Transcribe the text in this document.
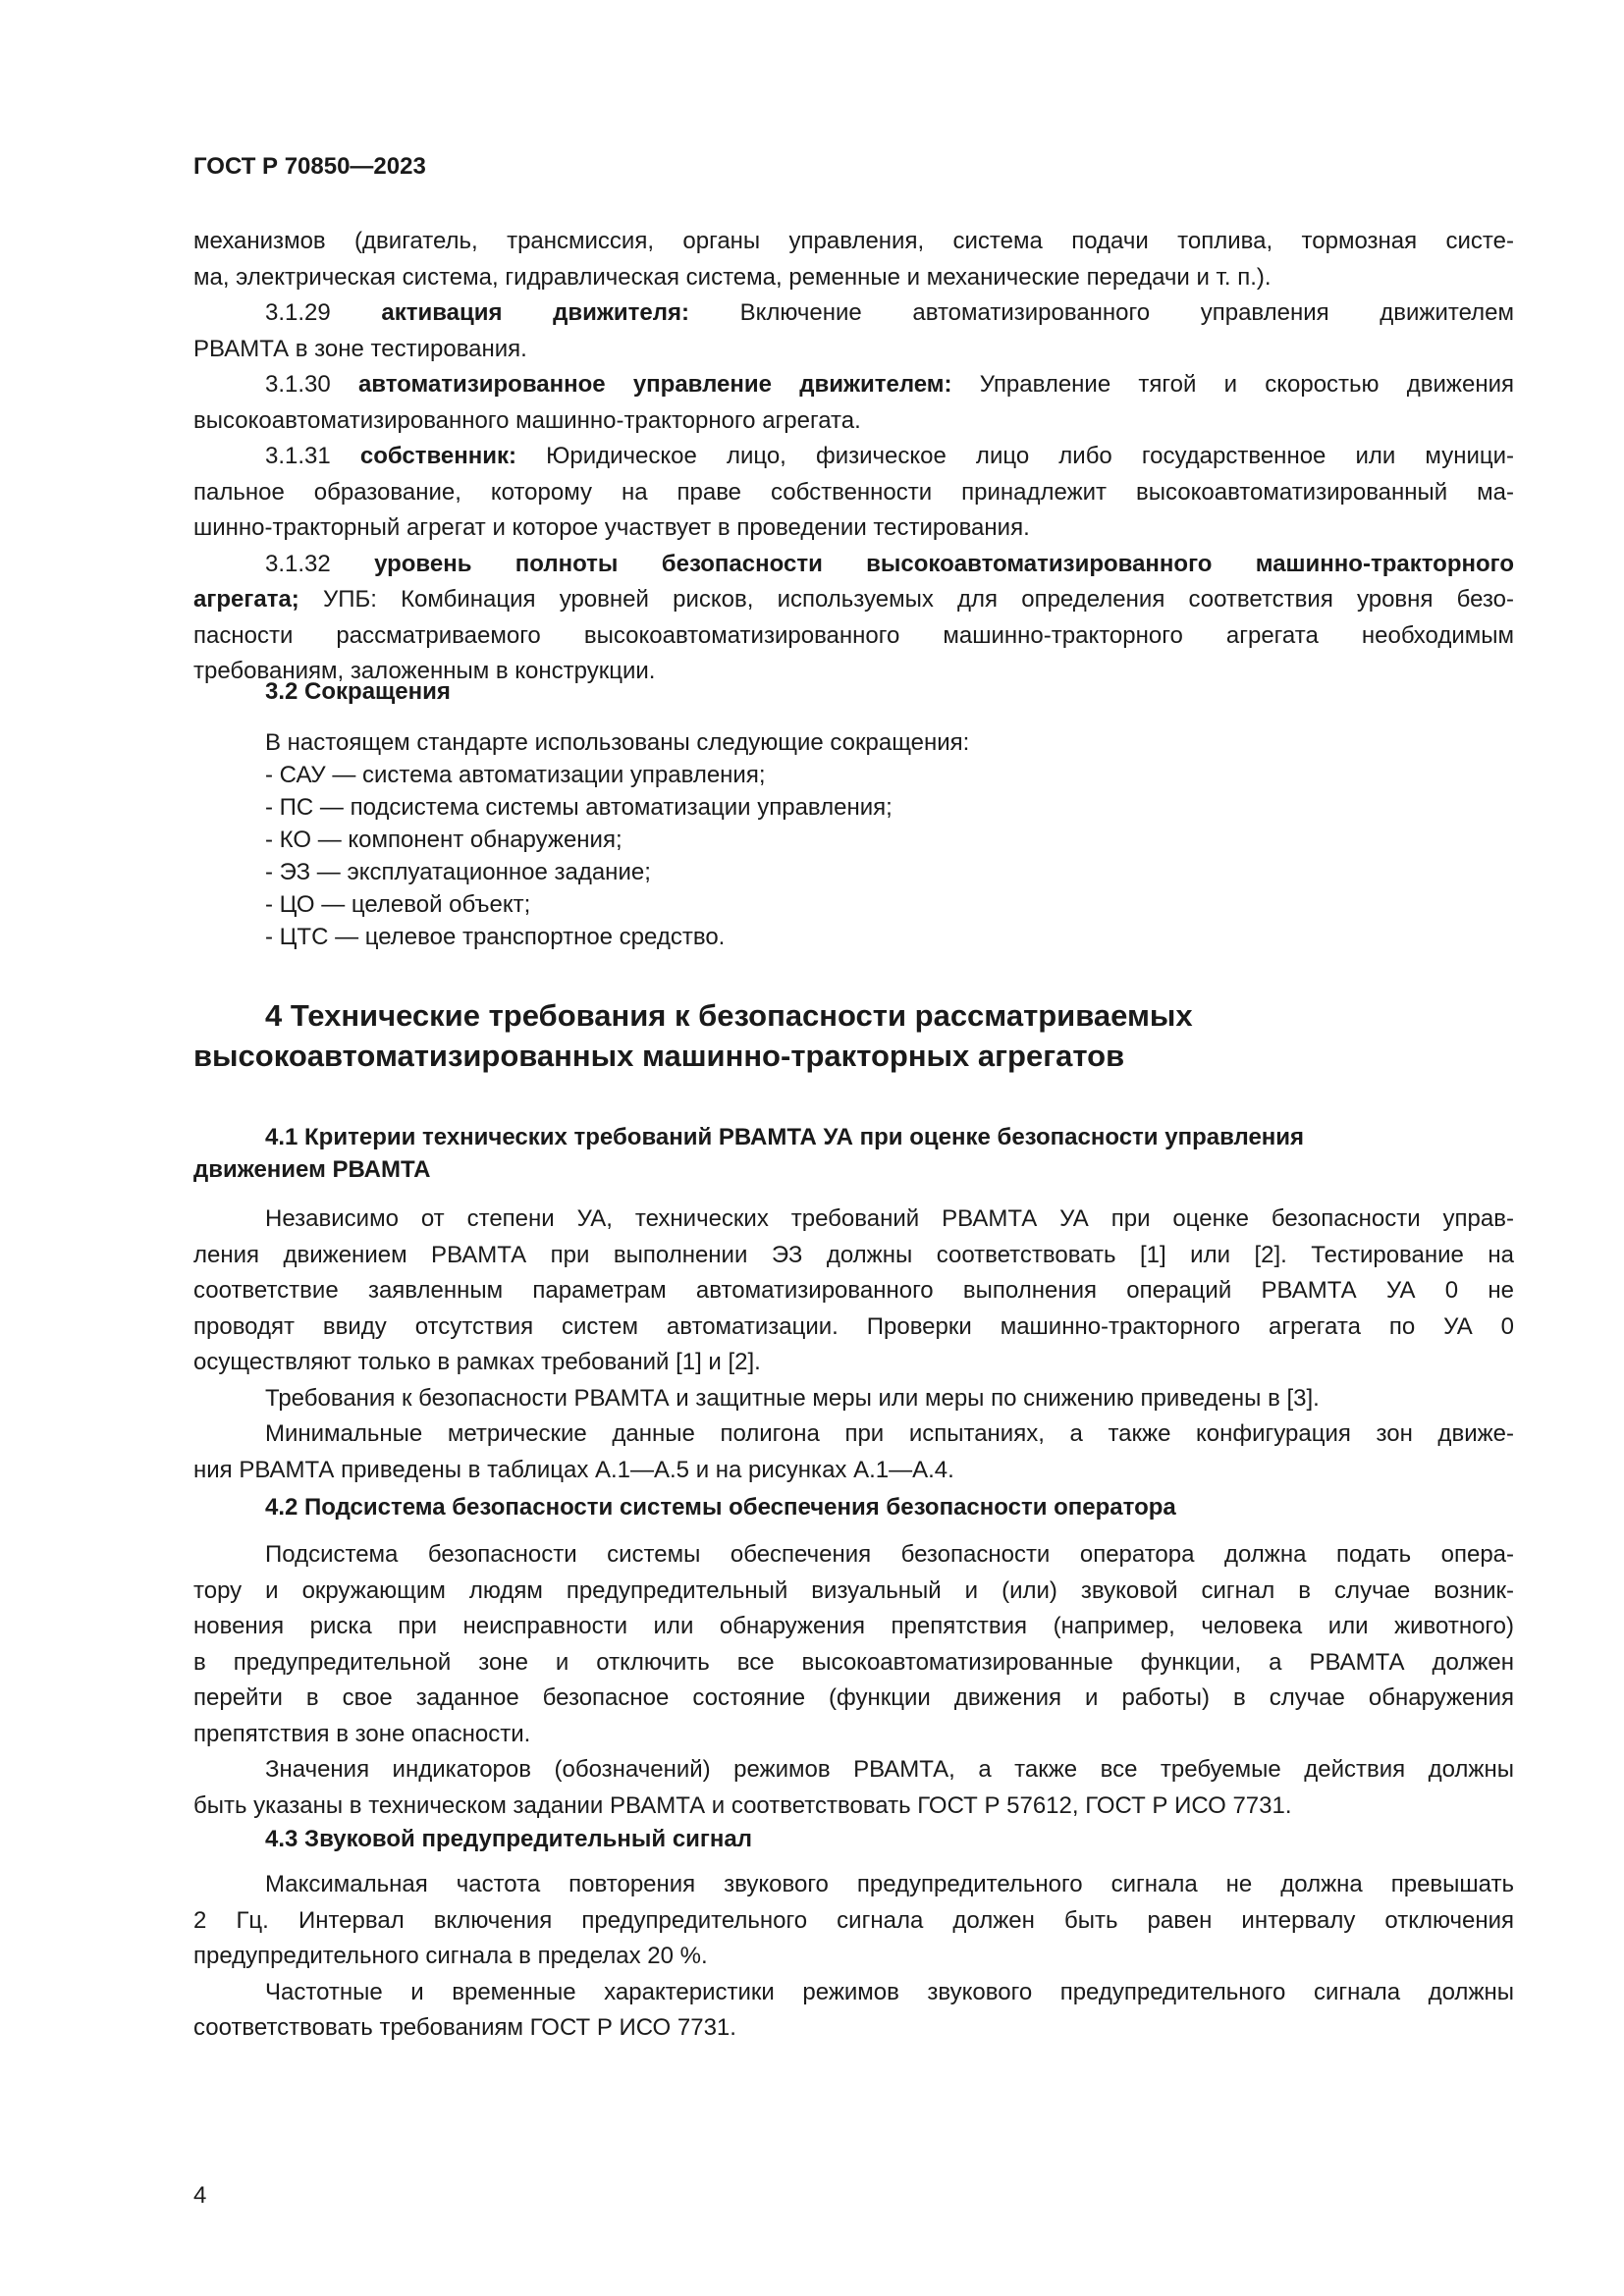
ГОСТ Р 70850—2023
механизмов (двигатель, трансмиссия, органы управления, система подачи топлива, тормозная систе-
ма, электрическая система, гидравлическая система, ременные и механические передачи и т. п.).
3.1.29 активация движителя: Включение автоматизированного управления движителем
РВАМТА в зоне тестирования.
3.1.30 автоматизированное управление движителем: Управление тягой и скоростью движения
высокоавтоматизированного машинно-тракторного агрегата.
3.1.31 собственник: Юридическое лицо, физическое лицо либо государственное или муници-
пальное образование, которому на праве собственности принадлежит высокоавтоматизированный ма-
шинно-тракторный агрегат и которое участвует в проведении тестирования.
3.1.32 уровень полноты безопасности высокоавтоматизированного машинно-тракторного
агрегата; УПБ: Комбинация уровней рисков, используемых для определения соответствия уровня безо-
пасности рассматриваемого высокоавтоматизированного машинно-тракторного агрегата необходимым
требованиям, заложенным в конструкции.
3.2 Сокращения
В настоящем стандарте использованы следующие сокращения:
- САУ — система автоматизации управления;
- ПС — подсистема системы автоматизации управления;
- КО — компонент обнаружения;
- ЭЗ — эксплуатационное задание;
- ЦО — целевой объект;
- ЦТС — целевое транспортное средство.
4 Технические требования к безопасности рассматриваемых
высокоавтоматизированных машинно-тракторных агрегатов
4.1 Критерии технических требований РВАМТА УА при оценке безопасности управления
движением РВАМТА
Независимо от степени УА, технических требований РВАМТА УА при оценке безопасности управ-
ления движением РВАМТА при выполнении ЭЗ должны соответствовать [1] или [2]. Тестирование на
соответствие заявленным параметрам автоматизированного выполнения операций РВАМТА УА 0 не
проводят ввиду отсутствия систем автоматизации. Проверки машинно-тракторного агрегата по УА 0
осуществляют только в рамках требований [1] и [2].
Требования к безопасности РВАМТА и защитные меры или меры по снижению приведены в [3].
Минимальные метрические данные полигона при испытаниях, а также конфигурация зон движе-
ния РВАМТА приведены в таблицах А.1—А.5 и на рисунках А.1—А.4.
4.2 Подсистема безопасности системы обеспечения безопасности оператора
Подсистема безопасности системы обеспечения безопасности оператора должна подать опера-
тору и окружающим людям предупредительный визуальный и (или) звуковой сигнал в случае возник-
новения риска при неисправности или обнаружения препятствия (например, человека или животного)
в предупредительной зоне и отключить все высокоавтоматизированные функции, а РВАМТА должен
перейти в свое заданное безопасное состояние (функции движения и работы) в случае обнаружения
препятствия в зоне опасности.
Значения индикаторов (обозначений) режимов РВАМТА, а также все требуемые действия должны
быть указаны в техническом задании РВАМТА и соответствовать ГОСТ Р 57612, ГОСТ Р ИСО 7731.
4.3 Звуковой предупредительный сигнал
Максимальная частота повторения звукового предупредительного сигнала не должна превышать
2 Гц. Интервал включения предупредительного сигнала должен быть равен интервалу отключения
предупредительного сигнала в пределах 20 %.
Частотные и временные характеристики режимов звукового предупредительного сигнала должны
соответствовать требованиям ГОСТ Р ИСО 7731.
4
